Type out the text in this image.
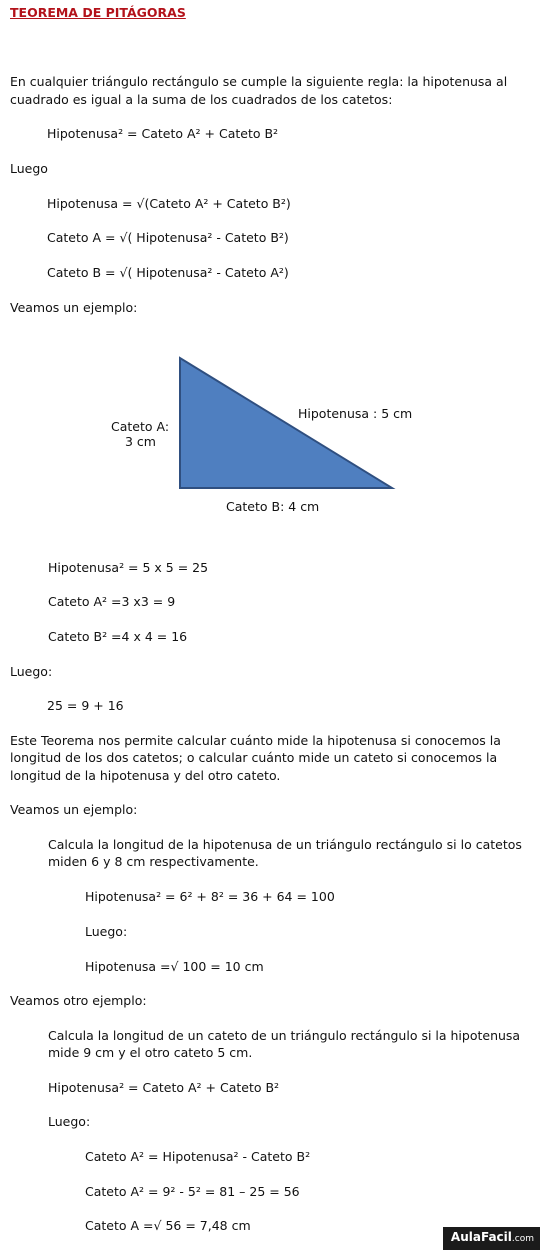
TEOREMA DE PITÁGORAS
En cualquier triángulo rectángulo se cumple la siguiente regla: la hipotenusa al
cuadrado es igual a la suma de los cuadrados de los catetos:
Hipotenusa² = Cateto A² + Cateto B²
Luego
Hipotenusa = √(Cateto A² + Cateto B²)
Cateto A = √( Hipotenusa² - Cateto B²)
Cateto B = √( Hipotenusa² - Cateto A²)
Veamos un ejemplo:
Cateto A:
3 cm
Hipotenusa : 5 cm
Cateto B: 4 cm
Hipotenusa² = 5 x 5 = 25
Cateto A² =3 x3 = 9
Cateto B² =4 x 4 = 16
Luego:
25 = 9 + 16
Este Teorema nos permite calcular cuánto mide la hipotenusa si conocemos la
longitud de los dos catetos; o calcular cuánto mide un cateto si conocemos la
longitud de la hipotenusa y del otro cateto.
Veamos un ejemplo:
Calcula la longitud de la hipotenusa de un triángulo rectángulo si lo catetos
miden 6 y 8 cm respectivamente.
Hipotenusa² = 6² + 8² = 36 + 64 = 100
Luego:
Hipotenusa =√ 100 = 10 cm
Veamos otro ejemplo:
Calcula la longitud de un cateto de un triángulo rectángulo si la hipotenusa
mide 9 cm y el otro cateto 5 cm.
Hipotenusa² = Cateto A² + Cateto B²
Luego:
Cateto A² = Hipotenusa² - Cateto B²
Cateto A² = 9² - 5² = 81 – 25 = 56
Cateto A =√ 56 = 7,48 cm
AulaFacil.com
